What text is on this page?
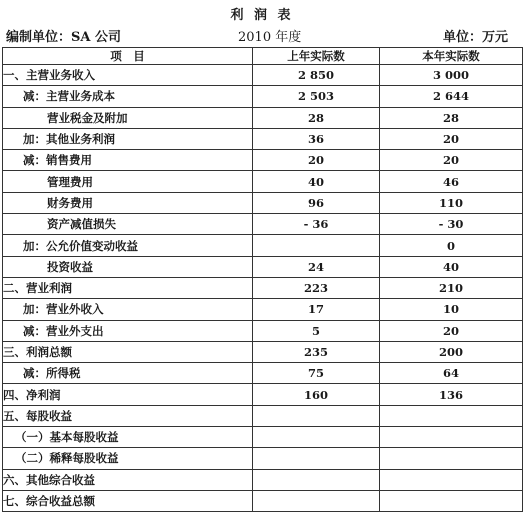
利 润 表
编制单位：SA 公司	2010 年度	单位：万元
项　目	上年实际数	本年实际数
一、主营业务收入	2 850	3 000
减：主营业务成本	2 503	2 644
营业税金及附加	28	28
加：其他业务利润	36	20
减：销售费用	20	20
管理费用	40	46
财务费用	96	110
资产减值损失	- 36	- 30
加：公允价值变动收益		0
投资收益	24	40
二、营业利润	223	210
加：营业外收入	17	10
减：营业外支出	5	20
三、利润总额	235	200
减：所得税	75	64
四、净利润	160	136
五、每股收益		
（一）基本每股收益		
（二）稀释每股收益		
六、其他综合收益		
七、综合收益总额		
